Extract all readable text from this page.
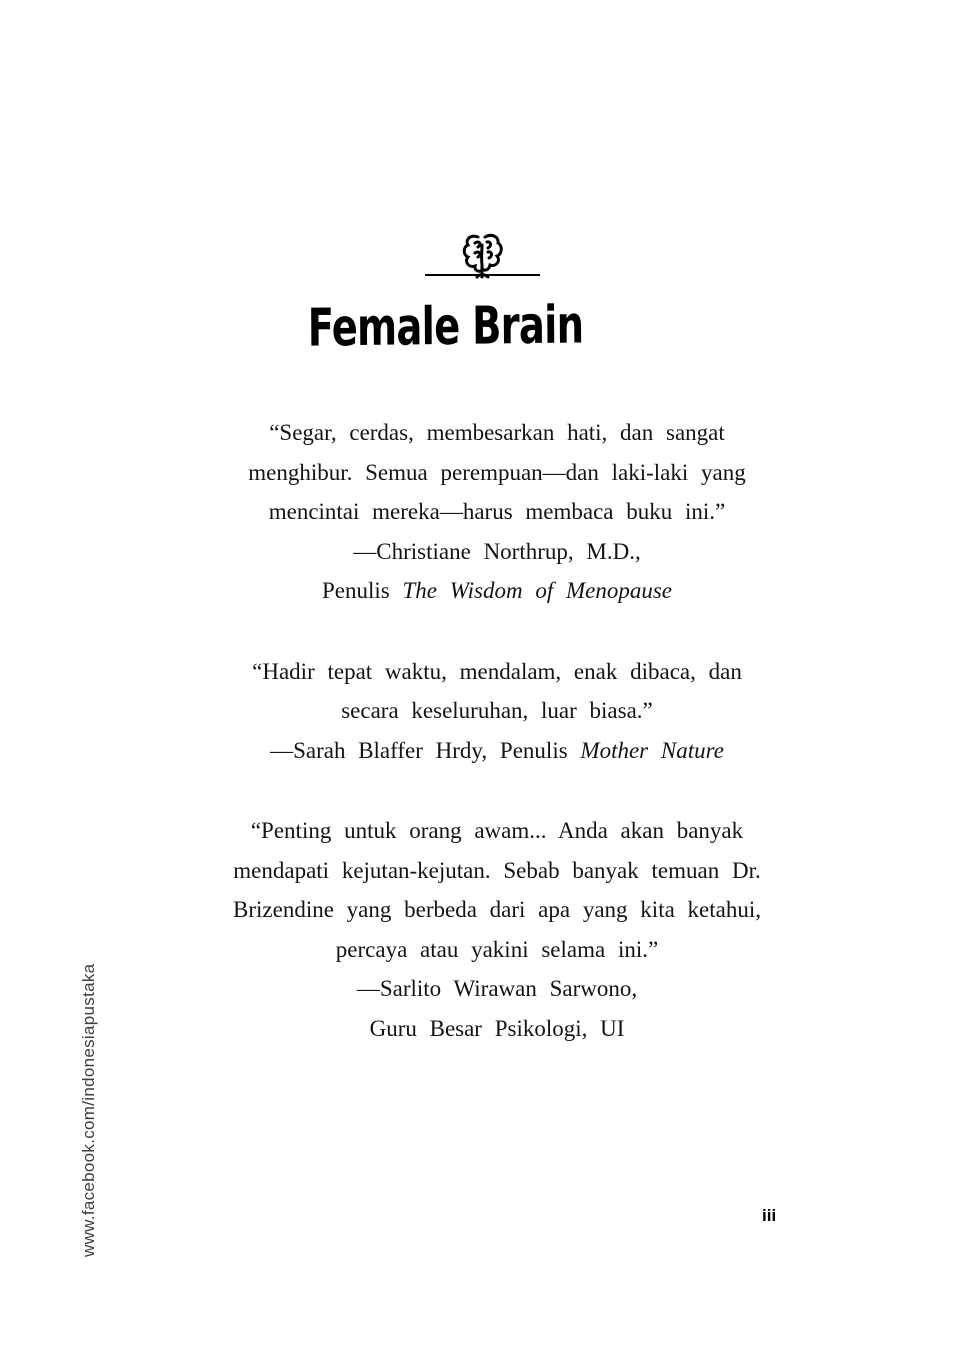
Female Brain
“Segar, cerdas, membesarkan hati, dan sangat
menghibur. Semua perempuan—dan laki-laki yang
mencintai mereka—harus membaca buku ini.”
—Christiane Northrup, M.D.,
Penulis The Wisdom of Menopause
“Hadir tepat waktu, mendalam, enak dibaca, dan
secara keseluruhan, luar biasa.”
—Sarah Blaffer Hrdy, Penulis Mother Nature
“Penting untuk orang awam... Anda akan banyak
mendapati kejutan-kejutan. Sebab banyak temuan Dr.
Brizendine yang berbeda dari apa yang kita ketahui,
percaya atau yakini selama ini.”
—Sarlito Wirawan Sarwono,
Guru Besar Psikologi, UI
www.facebook.com/indonesiapustaka	iii
